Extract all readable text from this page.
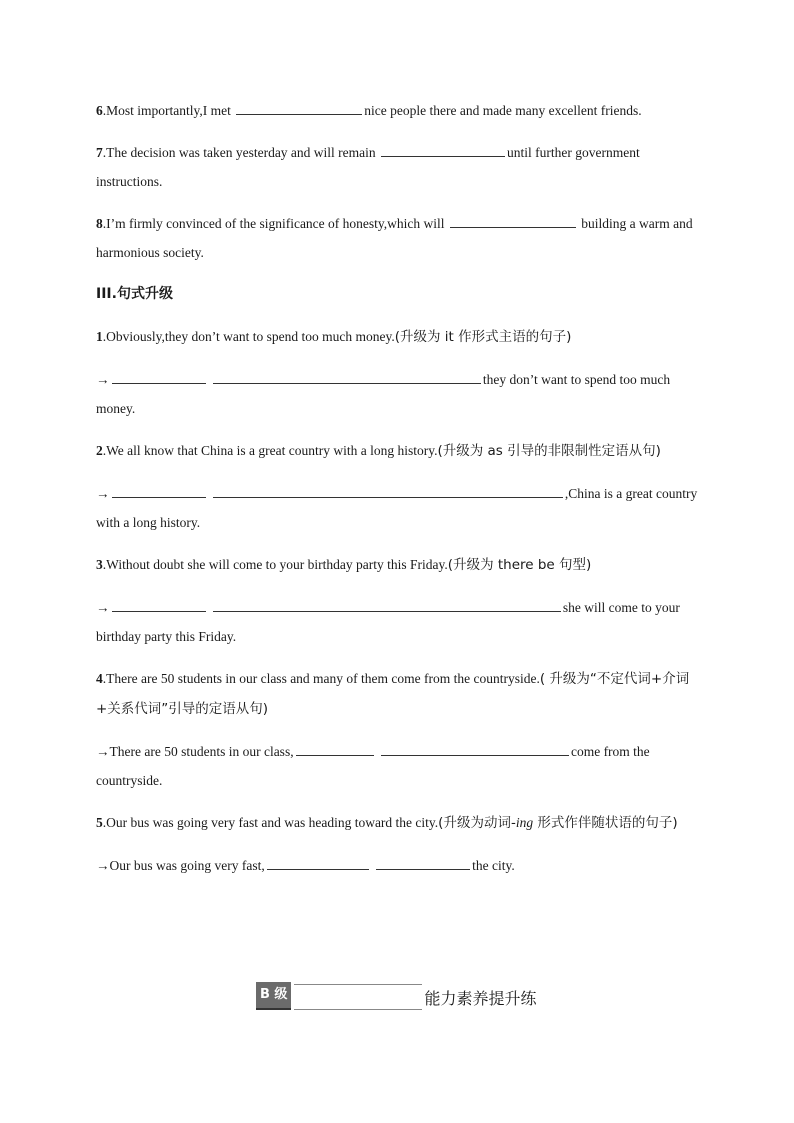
6.Most importantly,I met	nice people there and made many excellent friends.

7.The decision was taken yesterday and will remain	until further government instructions.

8.I’m firmly convinced of the significance of honesty,which will	building a warm and harmonious society.

III.句式升级

1.Obviously,they don’t want to spend too much money.(升级为 it 作形式主语的句子)

→	they don’t want to spend too much money.

2.We all know that China is a great country with a long history.(升级为 as 引导的非限制性定语从句)

→	,China is a great country with a long history.

3.Without doubt she will come to your birthday party this Friday.(升级为 there be 句型)

→	she will come to your birthday party this Friday.

4.There are 50 students in our class and many of them come from the countryside.( 升级为“不定代词+介词+关系代词”引导的定语从句)

→There are 50 students in our class,	come from the countryside.

5.Our bus was going very fast and was heading toward the city.(升级为动词-ing 形式作伴随状语的句子)

→Our bus was going very fast,	the city.

B 级	能力素养提升练
